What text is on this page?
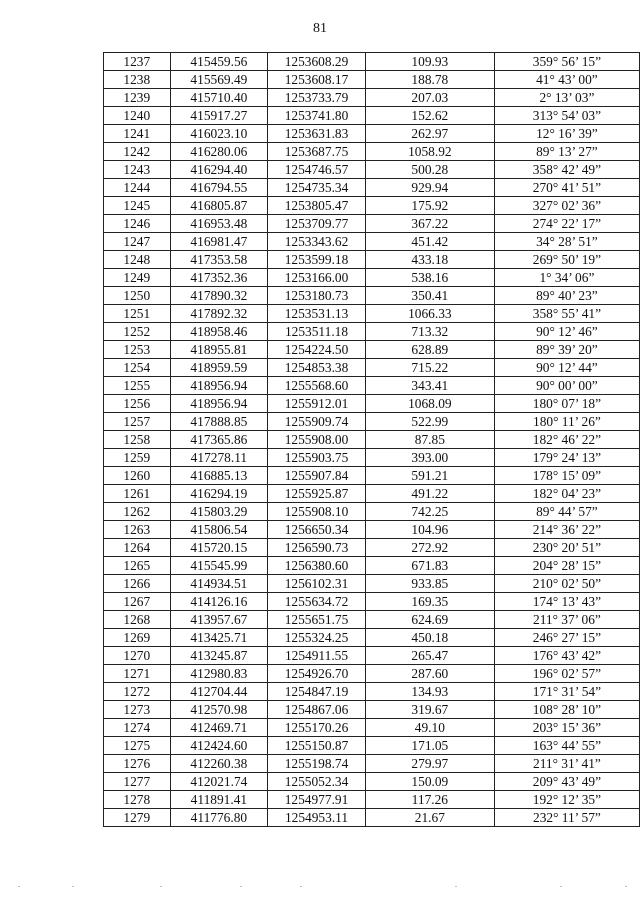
81
1237	415459.56	1253608.29	109.93	359° 56’ 15”
1238	415569.49	1253608.17	188.78	41° 43’ 00”
1239	415710.40	1253733.79	207.03	2° 13’ 03”
1240	415917.27	1253741.80	152.62	313° 54’ 03”
1241	416023.10	1253631.83	262.97	12° 16’ 39”
1242	416280.06	1253687.75	1058.92	89° 13’ 27”
1243	416294.40	1254746.57	500.28	358° 42’ 49”
1244	416794.55	1254735.34	929.94	270° 41’ 51”
1245	416805.87	1253805.47	175.92	327° 02’ 36”
1246	416953.48	1253709.77	367.22	274° 22’ 17”
1247	416981.47	1253343.62	451.42	34° 28’ 51”
1248	417353.58	1253599.18	433.18	269° 50’ 19”
1249	417352.36	1253166.00	538.16	1° 34’ 06”
1250	417890.32	1253180.73	350.41	89° 40’ 23”
1251	417892.32	1253531.13	1066.33	358° 55’ 41”
1252	418958.46	1253511.18	713.32	90° 12’ 46”
1253	418955.81	1254224.50	628.89	89° 39’ 20”
1254	418959.59	1254853.38	715.22	90° 12’ 44”
1255	418956.94	1255568.60	343.41	90° 00’ 00”
1256	418956.94	1255912.01	1068.09	180° 07’ 18”
1257	417888.85	1255909.74	522.99	180° 11’ 26”
1258	417365.86	1255908.00	87.85	182° 46’ 22”
1259	417278.11	1255903.75	393.00	179° 24’ 13”
1260	416885.13	1255907.84	591.21	178° 15’ 09”
1261	416294.19	1255925.87	491.22	182° 04’ 23”
1262	415803.29	1255908.10	742.25	89° 44’ 57”
1263	415806.54	1256650.34	104.96	214° 36’ 22”
1264	415720.15	1256590.73	272.92	230° 20’ 51”
1265	415545.99	1256380.60	671.83	204° 28’ 15”
1266	414934.51	1256102.31	933.85	210° 02’ 50”
1267	414126.16	1255634.72	169.35	174° 13’ 43”
1268	413957.67	1255651.75	624.69	211° 37’ 06”
1269	413425.71	1255324.25	450.18	246° 27’ 15”
1270	413245.87	1254911.55	265.47	176° 43’ 42”
1271	412980.83	1254926.70	287.60	196° 02’ 57”
1272	412704.44	1254847.19	134.93	171° 31’ 54”
1273	412570.98	1254867.06	319.67	108° 28’ 10”
1274	412469.71	1255170.26	49.10	203° 15’ 36”
1275	412424.60	1255150.87	171.05	163° 44’ 55”
1276	412260.38	1255198.74	279.97	211° 31’ 41”
1277	412021.74	1255052.34	150.09	209° 43’ 49”
1278	411891.41	1254977.91	117.26	192° 12’ 35”
1279	411776.80	1254953.11	21.67	232° 11’ 57”
